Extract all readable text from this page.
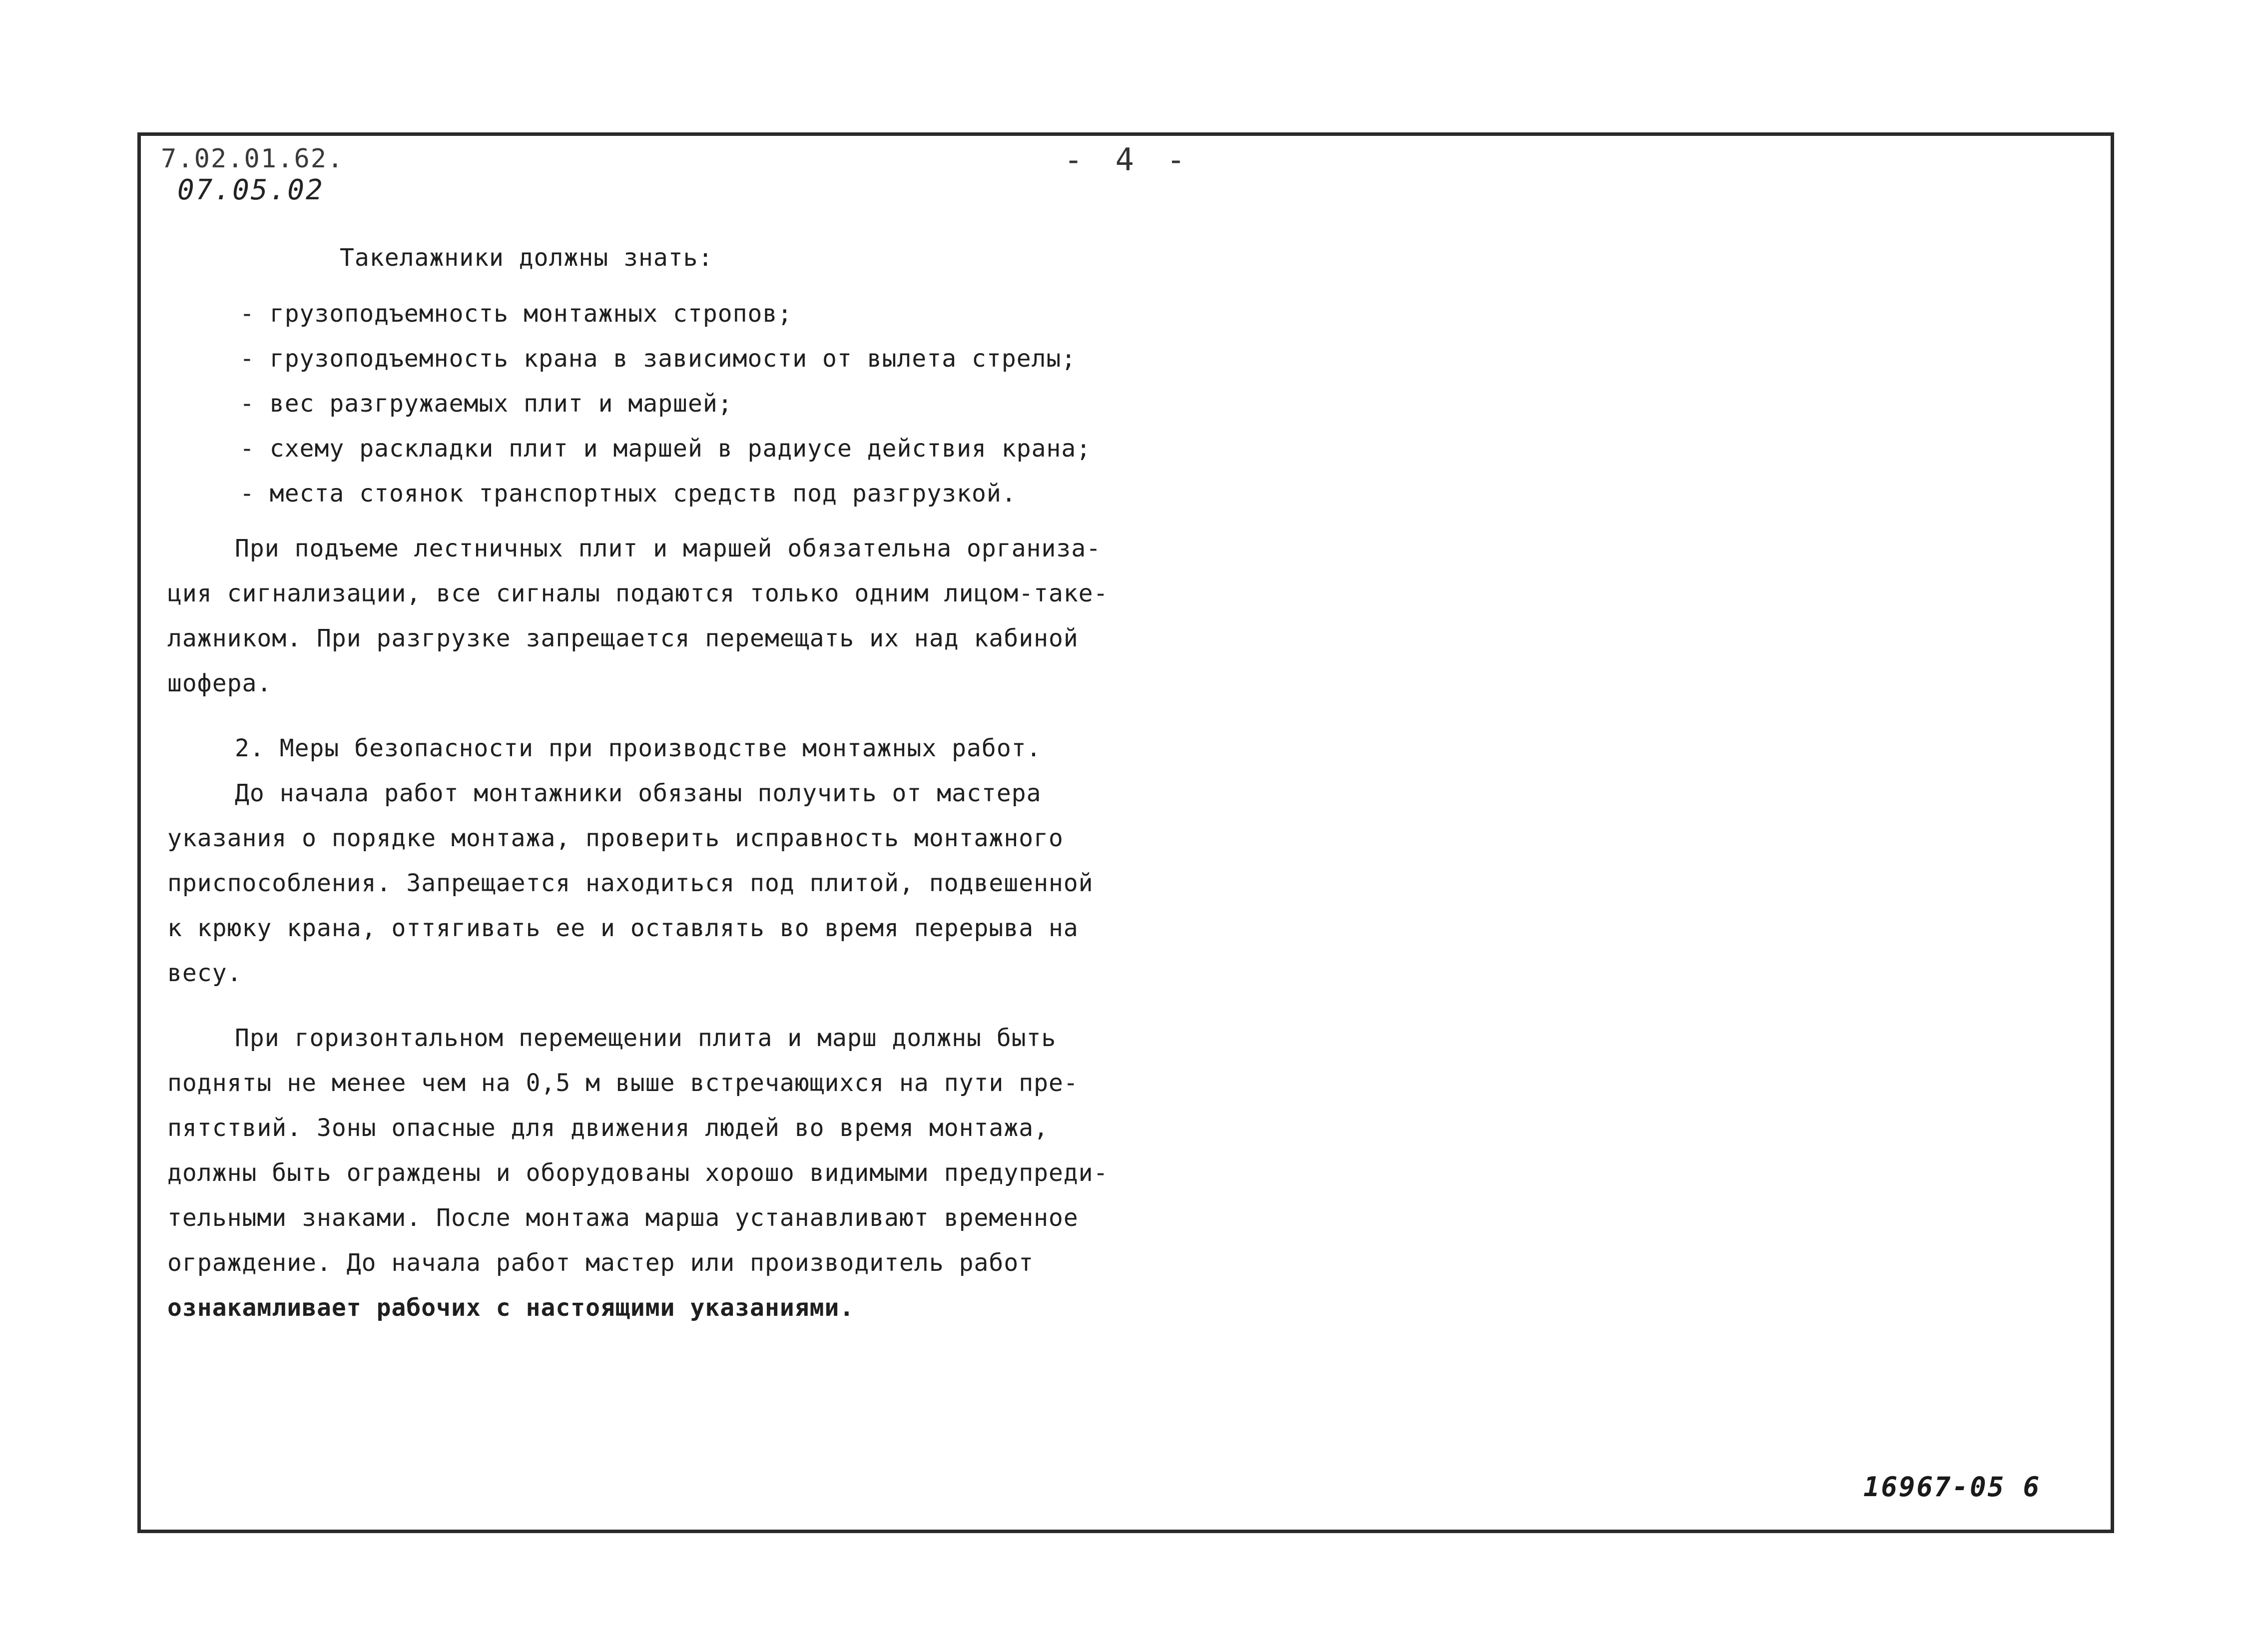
7.02.01.62.
07.05.02
- 4 -
Такелажники должны знать:
- грузоподъемность монтажных стропов;
- грузоподъемность крана в зависимости от вылета стрелы;
- вес разгружаемых плит и маршей;
- схему раскладки плит и маршей в радиусе действия крана;
- места стоянок транспортных средств под разгрузкой.
При подъеме лестничных плит и маршей обязательна организа-
ция сигнализации, все сигналы подаются только одним лицом-таке-
лажником. При разгрузке запрещается перемещать их над кабиной
шофера.
2. Меры безопасности при производстве монтажных работ.
До начала работ монтажники обязаны получить от мастера
указания о порядке монтажа, проверить исправность монтажного
приспособления. Запрещается находиться под плитой, подвешенной
к крюку крана, оттягивать ее и оставлять во время перерыва на
весу.
При горизонтальном перемещении плита и марш должны быть
подняты не менее чем на 0,5 м выше встречающихся на пути пре-
пятствий. Зоны опасные для движения людей во время монтажа,
должны быть ограждены и оборудованы хорошо видимыми предупреди-
тельными знаками. После монтажа марша устанавливают временное
ограждение. До начала работ мастер или производитель работ
ознакамливает рабочих с настоящими указаниями.
16967-05 6
